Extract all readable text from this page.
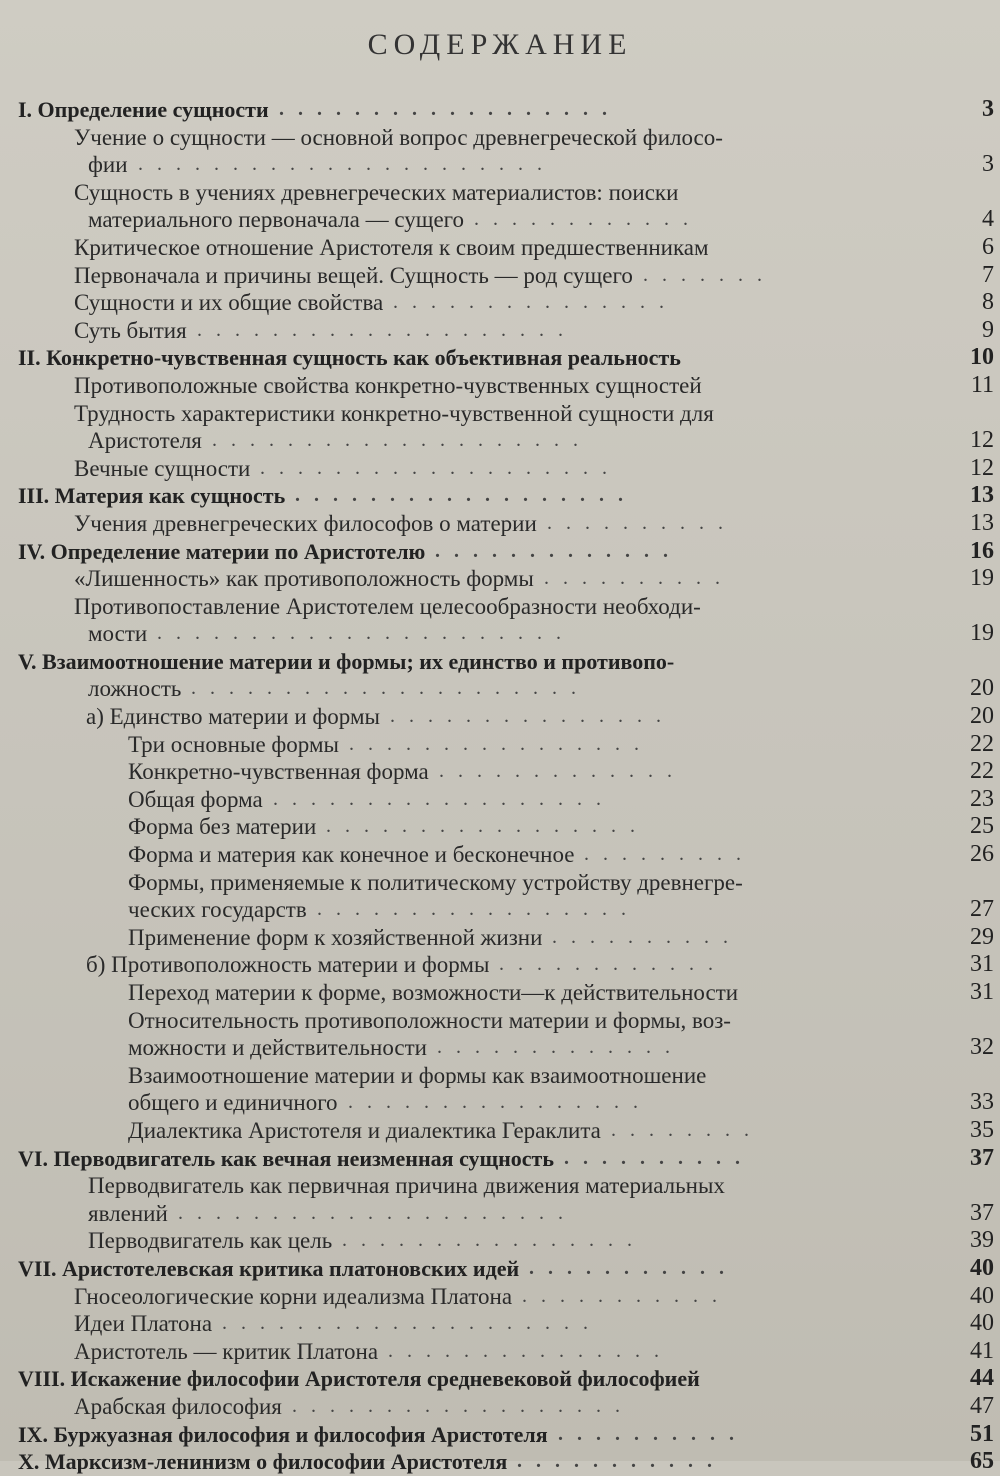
СОДЕРЖАНИЕ
I. Определение сущности ..................	3
Учение о сущности — основной вопрос древнегреческой филосо-
фии ......................	3
Сущность в учениях древнегреческих материалистов: поиски
материального первоначала — сущего ............	4
Критическое отношение Аристотеля к своим предшественникам	6
Первоначала и причины вещей. Сущность — род сущего .......	7
Сущности и их общие свойства ...............	8
Суть бытия ....................	9
II. Конкретно-чувственная сущность как объективная реальность	10
Противоположные свойства конкретно-чувственных сущностей	11
Трудность характеристики конкретно-чувственной сущности для
Аристотеля ....................	12
Вечные сущности ...................	12
III. Материя как сущность ..................	13
Учения древнегреческих философов о материи ..........	13
IV. Определение материи по Аристотелю .............	16
«Лишенность» как противоположность формы ..........	19
Противопоставление Аристотелем целесообразности необходи-
мости ......................	19
V. Взаимоотношение материи и формы; их единство и противопо-
ложность .....................	20
а) Единство материи и формы ...............	20
Три основные формы ................	22
Конкретно-чувственная форма .............	22
Общая форма ..................	23
Форма без материи .................	25
Форма и материя как конечное и бесконечное .........	26
Формы, применяемые к политическому устройству древнегре-
ческих государств .................	27
Применение форм к хозяйственной жизни ..........	29
б) Противоположность материи и формы ............	31
Переход материи к форме, возможности—к действительности	31
Относительность противоположности материи и формы, воз-
можности и действительности .............	32
Взаимоотношение материи и формы как взаимоотношение
общего и единичного ................	33
Диалектика Аристотеля и диалектика Гераклита ........	35
VI. Перводвигатель как вечная неизменная сущность ..........	37
Перводвигатель как первичная причина движения материальных
явлений .....................	37
Перводвигатель как цель ................	39
VII. Аристотелевская критика платоновских идей ...........	40
Гносеологические корни идеализма Платона ...........	40
Идеи Платона ....................	40
Аристотель — критик Платона ...............	41
VIII. Искажение философии Аристотеля средневековой философией	44
Арабская философия ..................	47
IX. Буржуазная философия и философия Аристотеля ..........	51
X. Марксизм-ленинизм о философии Аристотеля ...........	65
